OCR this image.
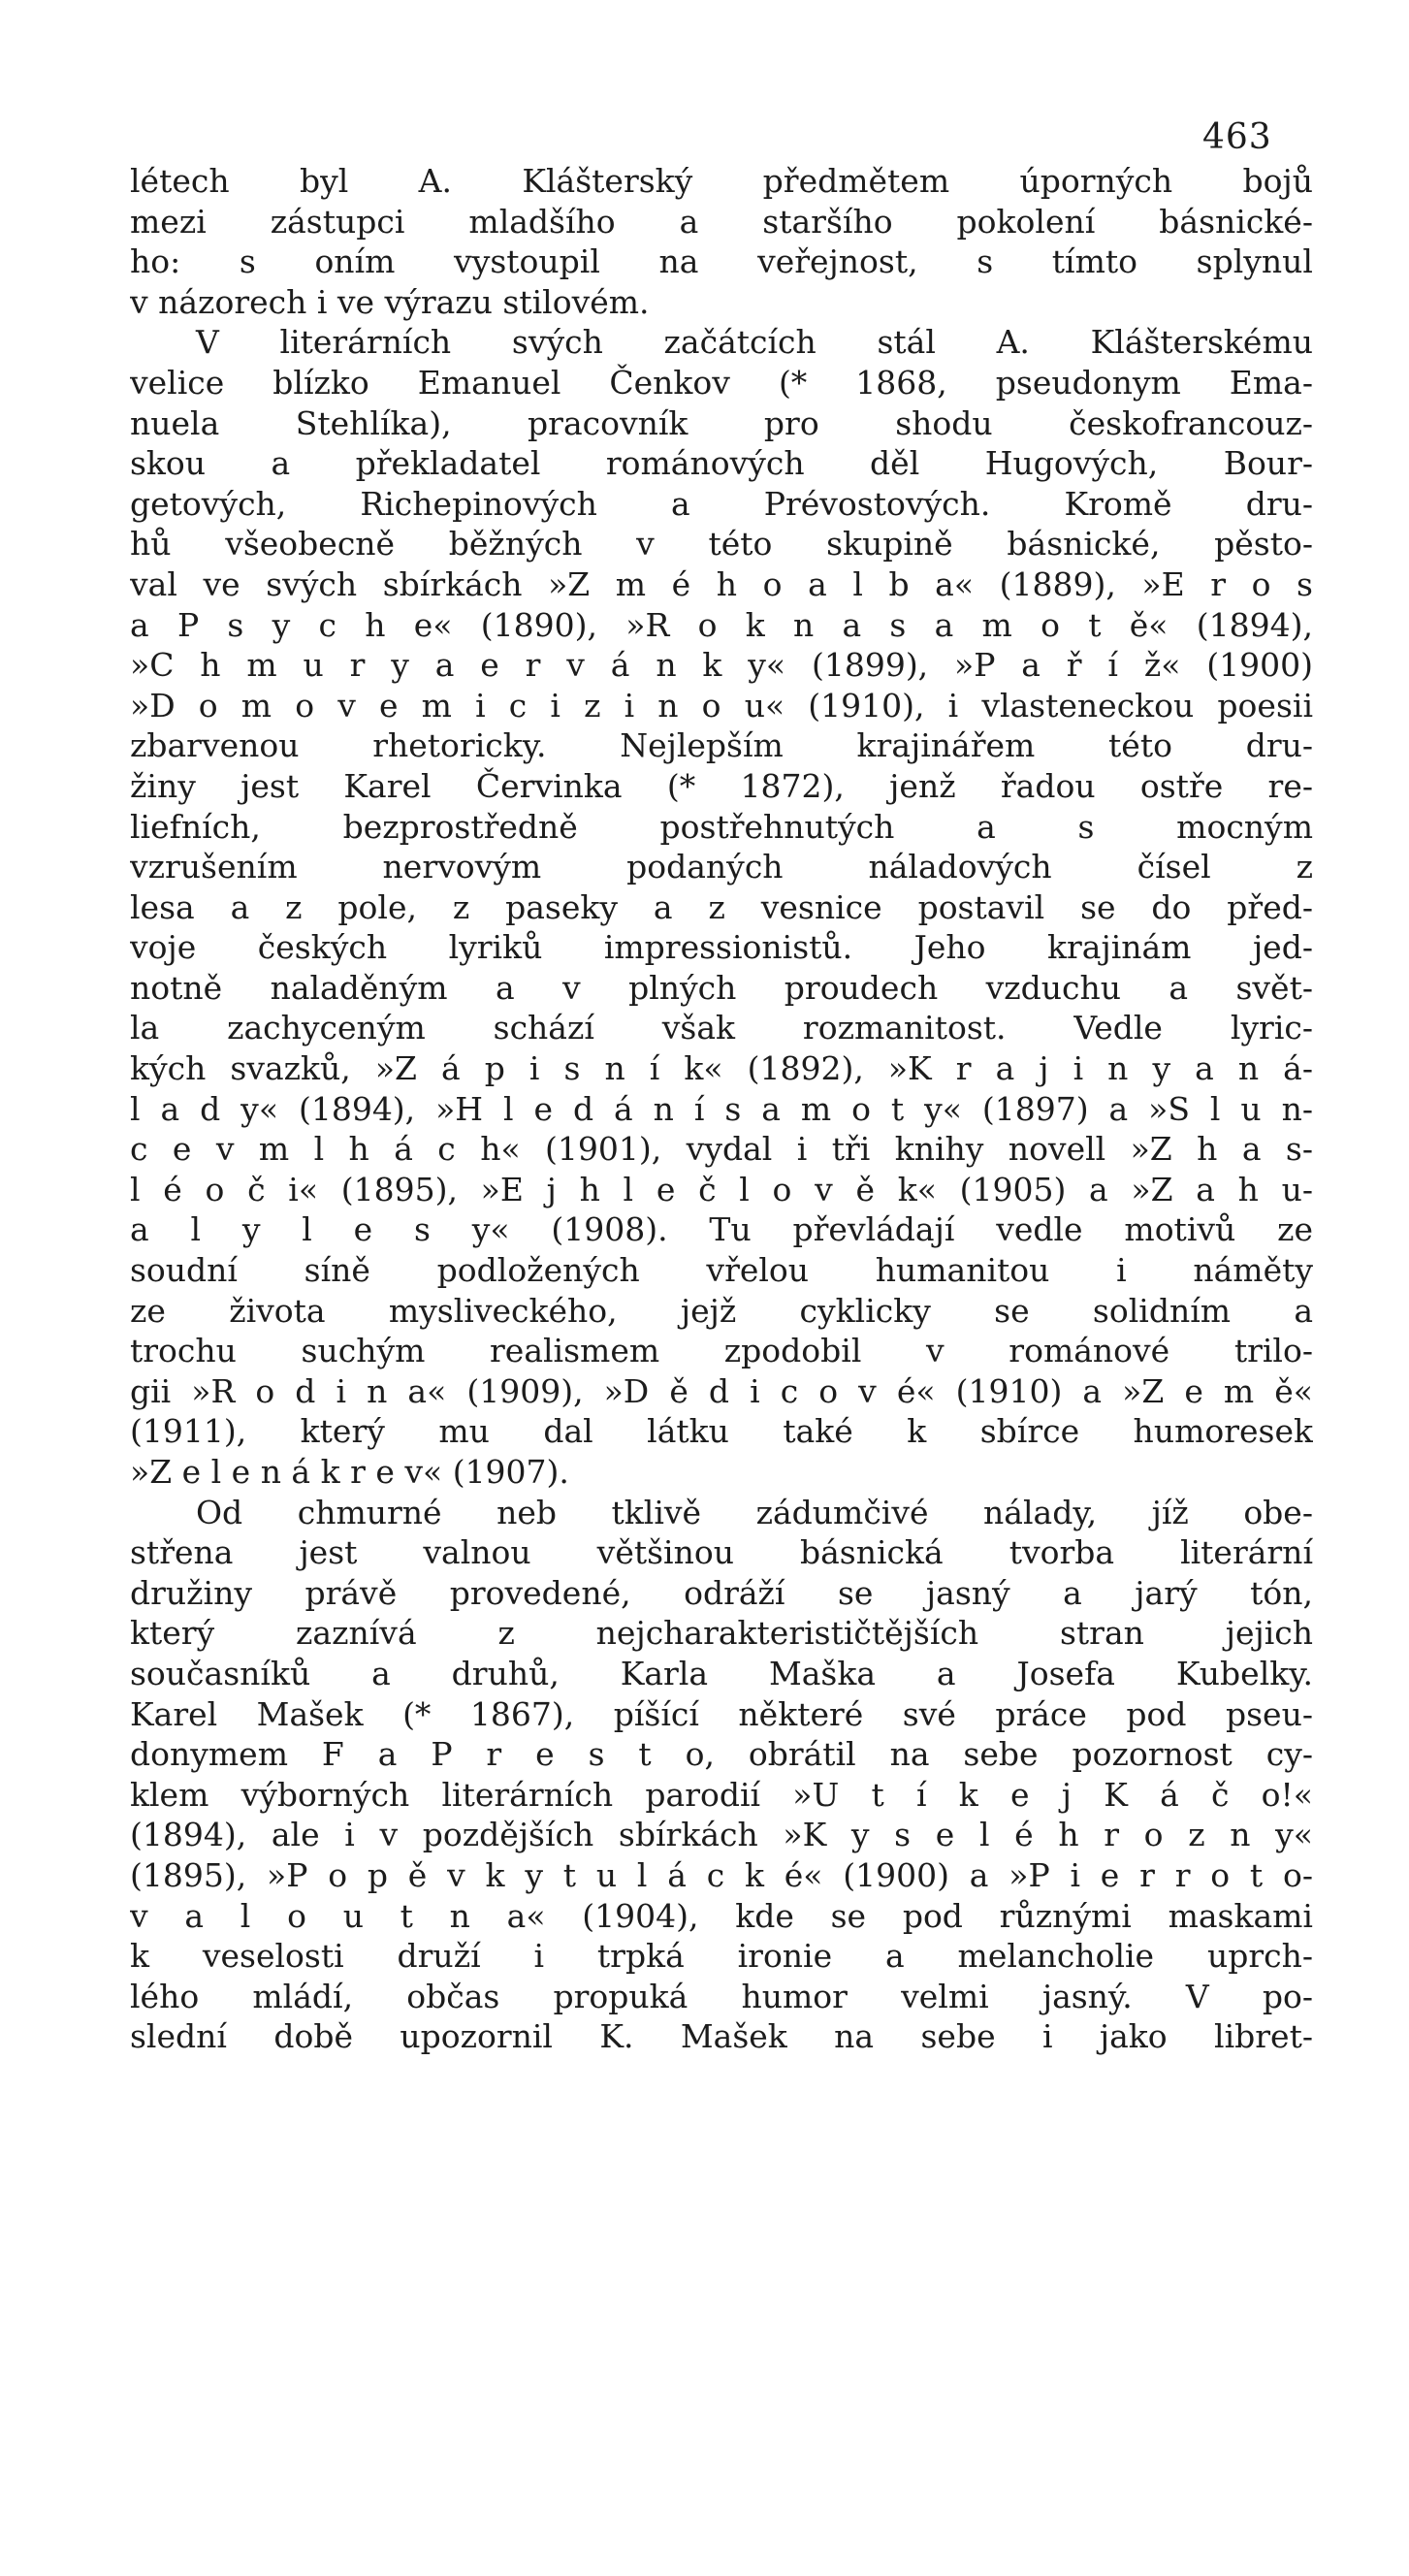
463
létech byl A. Klášterský předmětem úporných bojů
mezi zástupci mladšího a staršího pokolení básnické-
ho: s oním vystoupil na veřejnost, s tímto splynul
v názorech i ve výrazu stilovém.
V literárních svých začátcích stál A. Klášterskému
velice blízko Emanuel Čenkov (* 1868, pseudonym Ema-
nuela Stehlíka), pracovník pro shodu českofrancouz-
skou a překladatel románových děl Hugových, Bour-
getových, Richepinových a Prévostových. Kromě dru-
hů všeobecně běžných v této skupině básnické, pěsto-
val ve svých sbírkách »Z m é h o a l b a« (1889), »E r o s
a P s y c h e« (1890), »R o k n a s a m o t ě« (1894),
»C h m u r y a e r v á n k y« (1899), »P a ř í ž« (1900)
»D o m o v e m i c i z i n o u« (1910), i vlasteneckou poesii
zbarvenou rhetoricky. Nejlepším krajinářem této dru-
žiny jest Karel Červinka (* 1872), jenž řadou ostře re-
liefních, bezprostředně postřehnutých a s mocným
vzrušením nervovým podaných náladových čísel z
lesa a z pole, z paseky a z vesnice postavil se do před-
voje českých lyriků impressionistů. Jeho krajinám jed-
notně naladěným a v plných proudech vzduchu a svět-
la zachyceným schází však rozmanitost. Vedle lyric-
kých svazků, »Z á p i s n í k« (1892), »K r a j i n y a n á-
l a d y« (1894), »H l e d á n í s a m o t y« (1897) a »S l u n-
c e v m l h á c h« (1901), vydal i tři knihy novell »Z h a s-
l é o č i« (1895), »E j h l e č l o v ě k« (1905) a »Z a h u-
a l y l e s y« (1908). Tu převládají vedle motivů ze
soudní síně podložených vřelou humanitou i náměty
ze života mysliveckého, jejž cyklicky se solidním a
trochu suchým realismem zpodobil v románové trilo-
gii »R o d i n a« (1909), »D ě d i c o v é« (1910) a »Z e m ě«
(1911), který mu dal látku také k sbírce humoresek
»Z e l e n á k r e v« (1907).
Od chmurné neb tklivě zádumčivé nálady, jíž obe-
střena jest valnou většinou básnická tvorba literární
družiny právě provedené, odráží se jasný a jarý tón,
který zaznívá z nejcharakterističtějších stran jejich
současníků a druhů, Karla Maška a Josefa Kubelky.
Karel Mašek (* 1867), píšící některé své práce pod pseu-
donymem F a P r e s t o, obrátil na sebe pozornost cy-
klem výborných literárních parodií »U t í k e j K á č o!«
(1894), ale i v pozdějších sbírkách »K y s e l é h r o z n y«
(1895), »P o p ě v k y t u l á c k é« (1900) a »P i e r r o t o-
v a l o u t n a« (1904), kde se pod různými maskami
k veselosti druží i trpká ironie a melancholie uprch-
lého mládí, občas propuká humor velmi jasný. V po-
slední době upozornil K. Mašek na sebe i jako libret-
